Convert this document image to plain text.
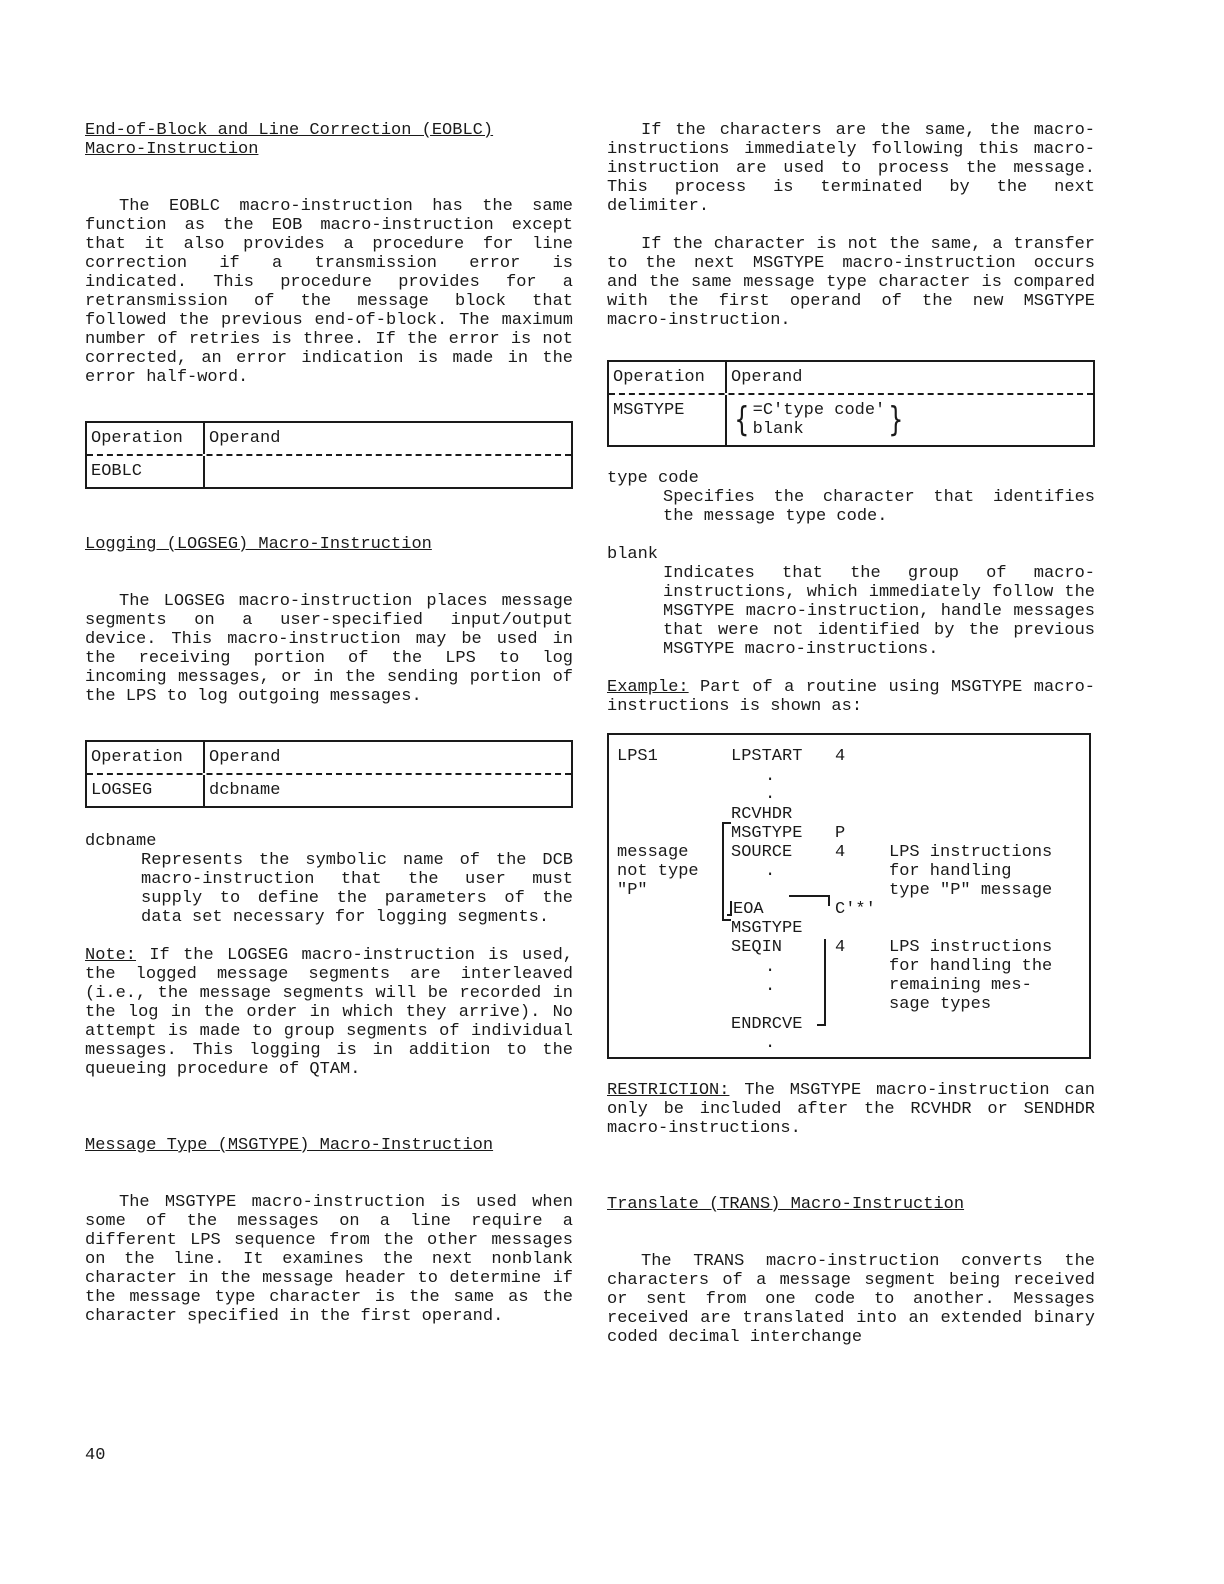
End-of-Block and Line Correction (EOBLC)
Macro-Instruction

The EOBLC macro-instruction has the same function as the EOB macro-instruction except that it also provides a procedure for line correction if a transmission error is indicated. This procedure provides for a retransmission of the message block that followed the previous end-of-block. The maximum number of retries is three. If the error is not corrected, an error indication is made in the error half-word.

Operation	Operand
EOBLC

Logging (LOGSEG) Macro-Instruction

The LOGSEG macro-instruction places message segments on a user-specified input/output device. This macro-instruction may be used in the receiving portion of the LPS to log incoming messages, or in the sending portion of the LPS to log outgoing messages.

Operation	Operand
LOGSEG	dcbname

dcbname

Represents the symbolic name of the DCB macro-instruction that the user must supply to define the parameters of the data set necessary for logging segments.

Note: If the LOGSEG macro-instruction is used, the logged message segments are interleaved (i.e., the message segments will be recorded in the log in the order in which they arrive). No attempt is made to group segments of individual messages. This logging is in addition to the queueing procedure of QTAM.

Message Type (MSGTYPE) Macro-Instruction

The MSGTYPE macro-instruction is used when some of the messages on a line require a different LPS sequence from the other messages on the line. It examines the next nonblank character in the message header to determine if the message type character is the same as the character specified in the first operand.

If the characters are the same, the macro-instructions immediately following this macro-instruction are used to process the message. This process is terminated by the next delimiter.

If the character is not the same, a transfer to the next MSGTYPE macro-instruction occurs and the same message type character is compared with the first operand of the new MSGTYPE macro-instruction.

Operation	Operand
MSGTYPE	{ =C'type code'
blank	}

type code

Specifies the character that identifies the message type code.

blank

Indicates that the group of macro-instructions, which immediately follow the MSGTYPE macro-instruction, handle messages that were not identified by the previous MSGTYPE macro-instructions.

Example: Part of a routine using MSGTYPE macro-instructions is shown as:

LPS1	LPSTART 4
.
.
RCVHDR
MSGTYPE P
message
not type
"P"
SOURCE	4	LPS instructions
for handling
type "P" message
.
EOA	C'*'
MSGTYPE
SEQIN	4	LPS instructions
for handling the
remaining mes-
sage types
.
.
ENDRCVE
.

RESTRICTION: The MSGTYPE macro-instruction can only be included after the RCVHDR or SENDHDR macro-instructions.

Translate (TRANS) Macro-Instruction

The TRANS macro-instruction converts the characters of a message segment being received or sent from one code to another. Messages received are translated into an extended binary coded decimal interchange

40
